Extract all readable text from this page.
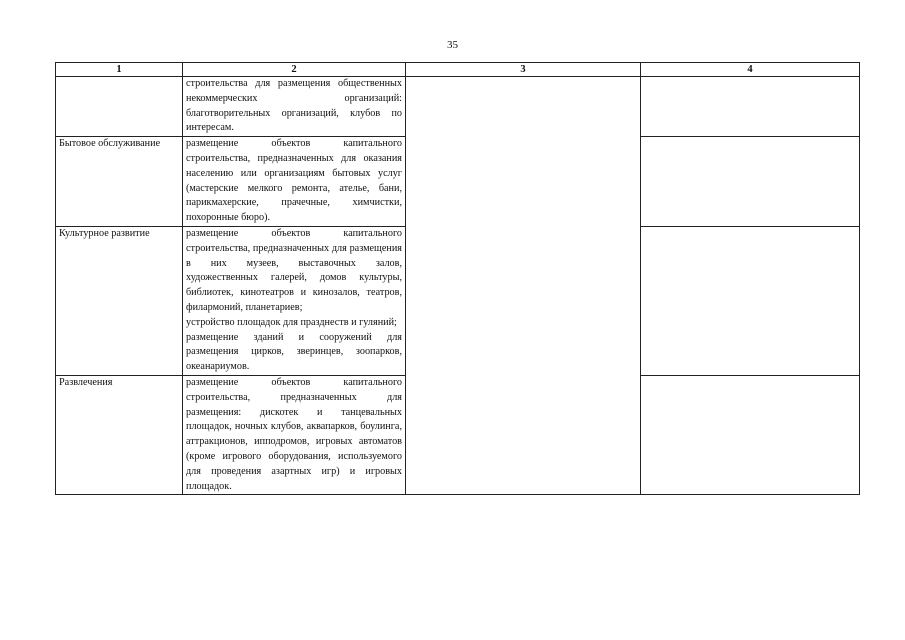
35
1	2	3	4

	строительства для размещения общественных некоммерческих организаций: благотворительных организаций, клубов по интересам.		

Бытовое обслуживание	размещение объектов капитального строительства, предназначенных для оказания населению или организациям бытовых услуг (мастерские мелкого ремонта, ателье, бани, парикмахерские, прачечные, химчистки, похоронные бюро).		

Культурное развитие	размещение объектов капитального строительства, предназначенных для размещения в них музеев, выставочных залов, художественных галерей, домов культуры, библиотек, кинотеатров и кинозалов, театров, филармоний, планетариев;

устройство площадок для празднеств и гуляний;

размещение зданий и сооружений для размещения цирков, зверинцев, зоопарков, океанариумов.		

Развлечения	размещение объектов капитального строительства, предназначенных для размещения: дискотек и танцевальных площадок, ночных клубов, аквапарков, боулинга, аттракционов, ипподромов, игровых автоматов (кроме игрового оборудования, используемого для проведения азартных игр) и игровых площадок.		
